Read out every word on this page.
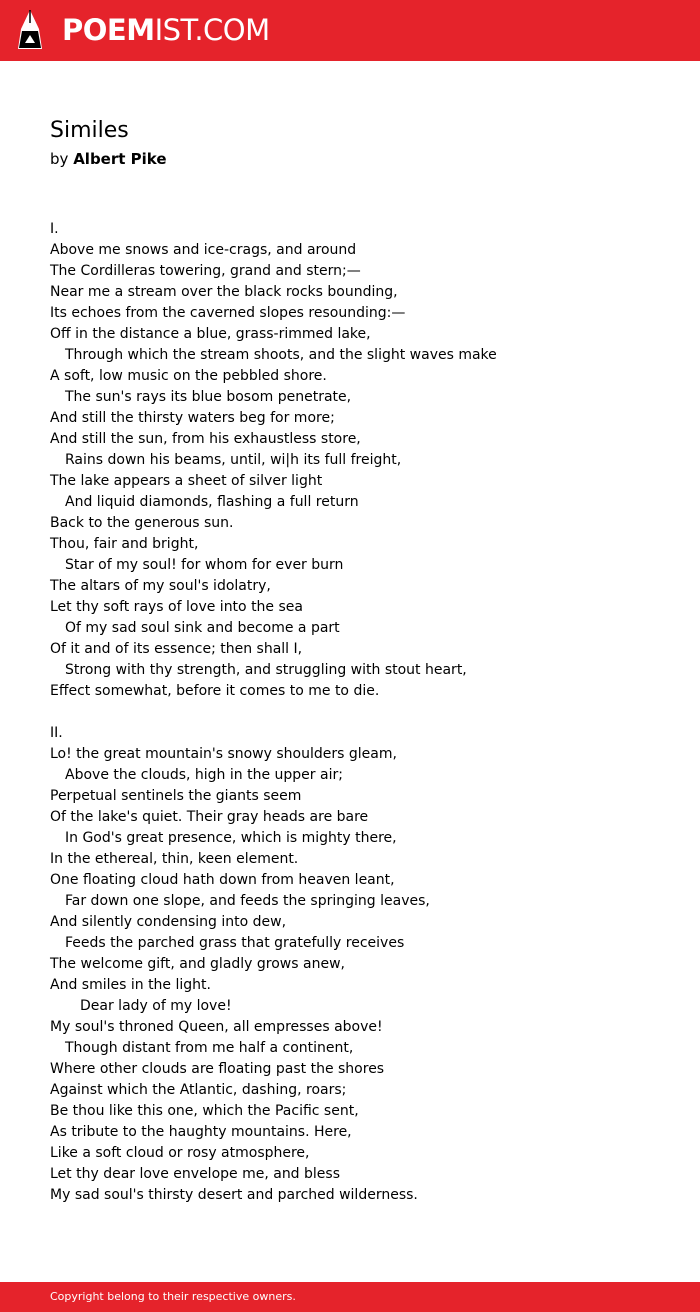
POEMIST.COM
Similes
by Albert Pike
I.
Above me snows and ice-crags, and around
The Cordilleras towering, grand and stern;—
Near me a stream over the black rocks bounding,
Its echoes from the caverned slopes resounding:—
Off in the distance a blue, grass-rimmed lake,
Through which the stream shoots, and the slight waves make
A soft, low music on the pebbled shore.
The sun's rays its blue bosom penetrate,
And still the thirsty waters beg for more;
And still the sun, from his exhaustless store,
Rains down his beams, until, wi|h its full freight,
The lake appears a sheet of silver light
And liquid diamonds, flashing a full return
Back to the generous sun.
Thou, fair and bright,
Star of my soul! for whom for ever burn
The altars of my soul's idolatry,
Let thy soft rays of love into the sea
Of my sad soul sink and become a part
Of it and of its essence; then shall I,
Strong with thy strength, and struggling with stout heart,
Effect somewhat, before it comes to me to die.
II.
Lo! the great mountain's snowy shoulders gleam,
Above the clouds, high in the upper air;
Perpetual sentinels the giants seem
Of the lake's quiet. Their gray heads are bare
In God's great presence, which is mighty there,
In the ethereal, thin, keen element.
One floating cloud hath down from heaven leant,
Far down one slope, and feeds the springing leaves,
And silently condensing into dew,
Feeds the parched grass that gratefully receives
The welcome gift, and gladly grows anew,
And smiles in the light.
Dear lady of my love!
My soul's throned Queen, all empresses above!
Though distant from me half a continent,
Where other clouds are floating past the shores
Against which the Atlantic, dashing, roars;
Be thou like this one, which the Pacific sent,
As tribute to the haughty mountains. Here,
Like a soft cloud or rosy atmosphere,
Let thy dear love envelope me, and bless
My sad soul's thirsty desert and parched wilderness.
Copyright belong to their respective owners.
